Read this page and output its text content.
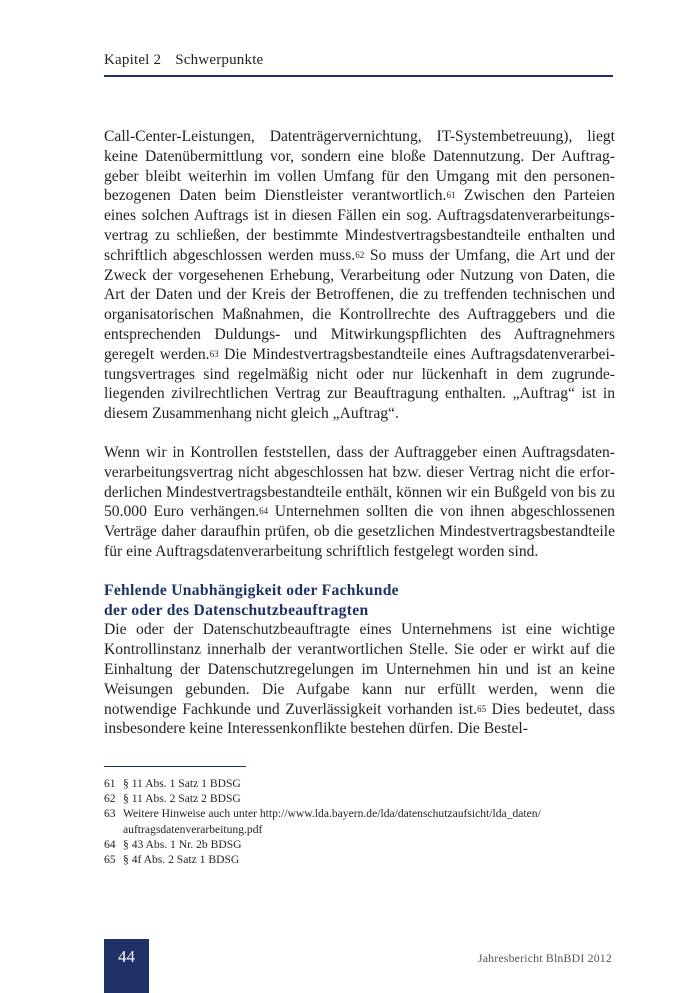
Kapitel 2 Schwerpunkte

Call-Center-Leistungen, Datenträgervernichtung, IT-Systembetreuung), liegt keine Datenübermittlung vor, sondern eine bloße Datennutzung. Der Auftraggeber bleibt weiterhin im vollen Umfang für den Umgang mit den personenbezogenen Daten beim Dienstleister verantwortlich.$^{61}$ Zwischen den Parteien eines solchen Auftrags ist in diesen Fällen ein sog. Auftragsdatenverarbeitungsvertrag zu schließen, der bestimmte Mindestvertragsbestandteile enthalten und schriftlich abgeschlossen werden muss.$^{62}$ So muss der Umfang, die Art und der Zweck der vorgesehenen Erhebung, Verarbeitung oder Nutzung von Daten, die Art der Daten und der Kreis der Betroffenen, die zu treffenden technischen und organisatorischen Maßnahmen, die Kontrollrechte des Auftraggebers und die entsprechenden Duldungs- und Mitwirkungspflichten des Auftragnehmers geregelt werden.$^{63}$ Die Mindestvertragsbestandteile eines Auftragsdatenverarbeitungsvertrages sind regelmäßig nicht oder nur lückenhaft in dem zugrundeliegenden zivilrechtlichen Vertrag zur Beauftragung enthalten. „Auftrag“ ist in diesem Zusammenhang nicht gleich „Auftrag“.

Wenn wir in Kontrollen feststellen, dass der Auftraggeber einen Auftragsdatenverarbeitungsvertrag nicht abgeschlossen hat bzw. dieser Vertrag nicht die erforderlichen Mindestvertragsbestandteile enthält, können wir ein Bußgeld von bis zu 50.000 Euro verhängen.$^{64}$ Unternehmen sollten die von ihnen abgeschlossenen Verträge daher daraufhin prüfen, ob die gesetzlichen Mindestvertragsbestandteile für eine Auftragsdatenverarbeitung schriftlich festgelegt worden sind.

Fehlende Unabhängigkeit oder Fachkunde
der oder des Datenschutzbeauftragten

Die oder der Datenschutzbeauftragte eines Unternehmens ist eine wichtige Kontrollinstanz innerhalb der verantwortlichen Stelle. Sie oder er wirkt auf die Einhaltung der Datenschutzregelungen im Unternehmen hin und ist an keine Weisungen gebunden. Die Aufgabe kann nur erfüllt werden, wenn die notwendige Fachkunde und Zuverlässigkeit vorhanden ist.$^{65}$ Dies bedeutet, dass insbesondere keine Interessenkonflikte bestehen dürfen. Die Bestel-

61 § 11 Abs. 1 Satz 1 BDSG
62 § 11 Abs. 2 Satz 2 BDSG
63 Weitere Hinweise auch unter http://www.lda.bayern.de/lda/datenschutzaufsicht/lda_daten/ auftragsdatenverarbeitung.pdf
64 § 43 Abs. 1 Nr. 2b BDSG
65 § 4f Abs. 2 Satz 1 BDSG
44	Jahresbericht BlnBDI 2012
